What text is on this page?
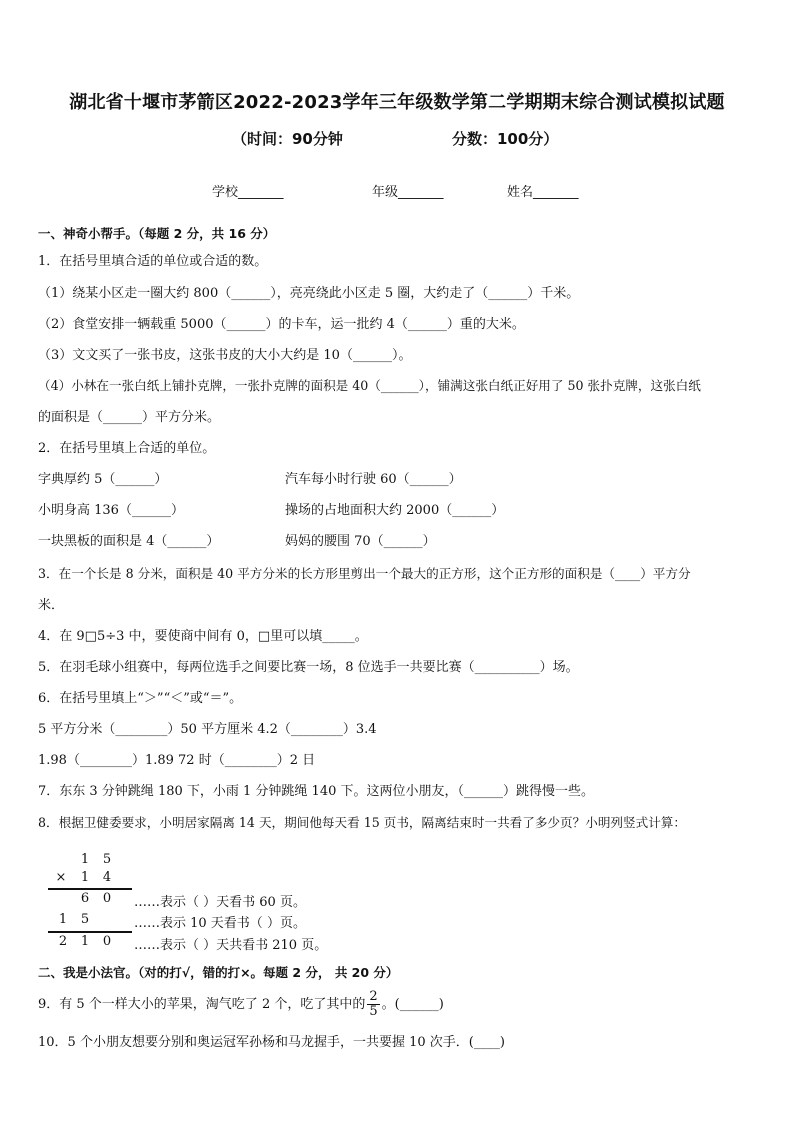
湖北省十堰市茅箭区2022-2023学年三年级数学第二学期期末综合测试模拟试题
（时间：90分钟	分数：100分）
学校_______	年级_______	姓名_______
一、神奇小帮手。（每题 2 分，共 16 分）
1．在括号里填合适的单位或合适的数。
（1）绕某小区走一圈大约 800（______），亮亮绕此小区走 5 圈，大约走了（______）千米。
（2）食堂安排一辆载重 5000（______）的卡车，运一批约 4（______）重的大米。
（3）文文买了一张书皮，这张书皮的大小大约是 10（______）。
（4）小林在一张白纸上铺扑克牌，一张扑克牌的面积是 40（______），铺满这张白纸正好用了 50 张扑克牌，这张白纸
的面积是（______）平方分米。
2．在括号里填上合适的单位。
字典厚约 5（______）	汽车每小时行驶 60（______）
小明身高 136（______）	操场的占地面积大约 2000（______）
一块黑板的面积是 4（______）	妈妈的腰围 70（______）
3．在一个长是 8 分米，面积是 40 平方分米的长方形里剪出一个最大的正方形，这个正方形的面积是（____）平方分
米．
4．在 9□5÷3 中，要使商中间有 0，□里可以填_____。
5．在羽毛球小组赛中，每两位选手之间要比赛一场，8 位选手一共要比赛（__________）场。
6．在括号里填上“＞”“＜”或“＝”。
5 平方分米（________）50 平方厘米 4.2（________）3.4
1.98（________）1.89 72 时（________）2 日
7．东东 3 分钟跳绳 180 下，小雨 1 分钟跳绳 140 下。这两位小朋友，（______）跳得慢一些。
8．根据卫健委要求，小明居家隔离 14 天，期间他每天看 15 页书，隔离结束时一共看了多少页？小明列竖式计算：
1 5
× 1 4
6 0 ……表示（ ）天看书 60 页。
1 5	……表示 10 天看书（ ）页。
2 1 0 ……表示（ ）天共看书 210 页。
二、我是小法官。（对的打√，错的打×。每题 2 分， 共 20 分）
9．有 5 个一样大小的苹果，淘气吃了 2 个，吃了其中的 $\frac{2}{5}$ 。(______)
10．5 个小朋友想要分别和奥运冠军孙杨和马龙握手，一共要握 10 次手．(____)
